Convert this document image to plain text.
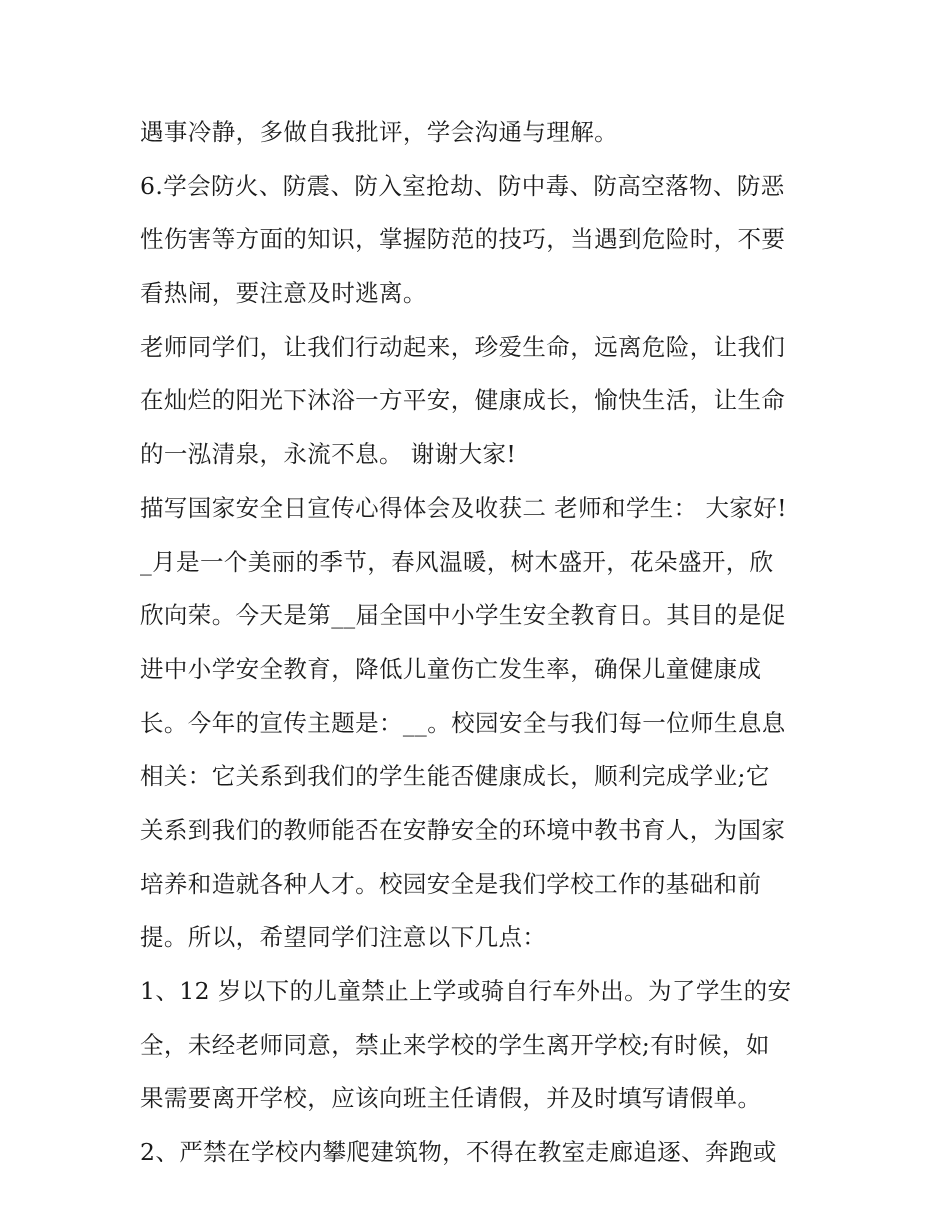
遇事冷静，多做自我批评，学会沟通与理解。
6.学会防火、防震、防入室抢劫、防中毒、防高空落物、防恶
性伤害等方面的知识，掌握防范的技巧，当遇到危险时，不要
看热闹，要注意及时逃离。
老师同学们，让我们行动起来，珍爱生命，远离危险，让我们
在灿烂的阳光下沐浴一方平安，健康成长，愉快生活，让生命
的一泓清泉，永流不息。 谢谢大家!
描写国家安全日宣传心得体会及收获二 老师和学生： 大家好!
_月是一个美丽的季节，春风温暖，树木盛开，花朵盛开，欣
欣向荣。今天是第__届全国中小学生安全教育日。其目的是促
进中小学安全教育，降低儿童伤亡发生率，确保儿童健康成
长。今年的宣传主题是：__。校园安全与我们每一位师生息息
相关：它关系到我们的学生能否健康成长，顺利完成学业;它
关系到我们的教师能否在安静安全的环境中教书育人，为国家
培养和造就各种人才。校园安全是我们学校工作的基础和前
提。所以，希望同学们注意以下几点：
1、12 岁以下的儿童禁止上学或骑自行车外出。为了学生的安
全，未经老师同意，禁止来学校的学生离开学校;有时候，如
果需要离开学校，应该向班主任请假，并及时填写请假单。
2、严禁在学校内攀爬建筑物，不得在教室走廊追逐、奔跑或
